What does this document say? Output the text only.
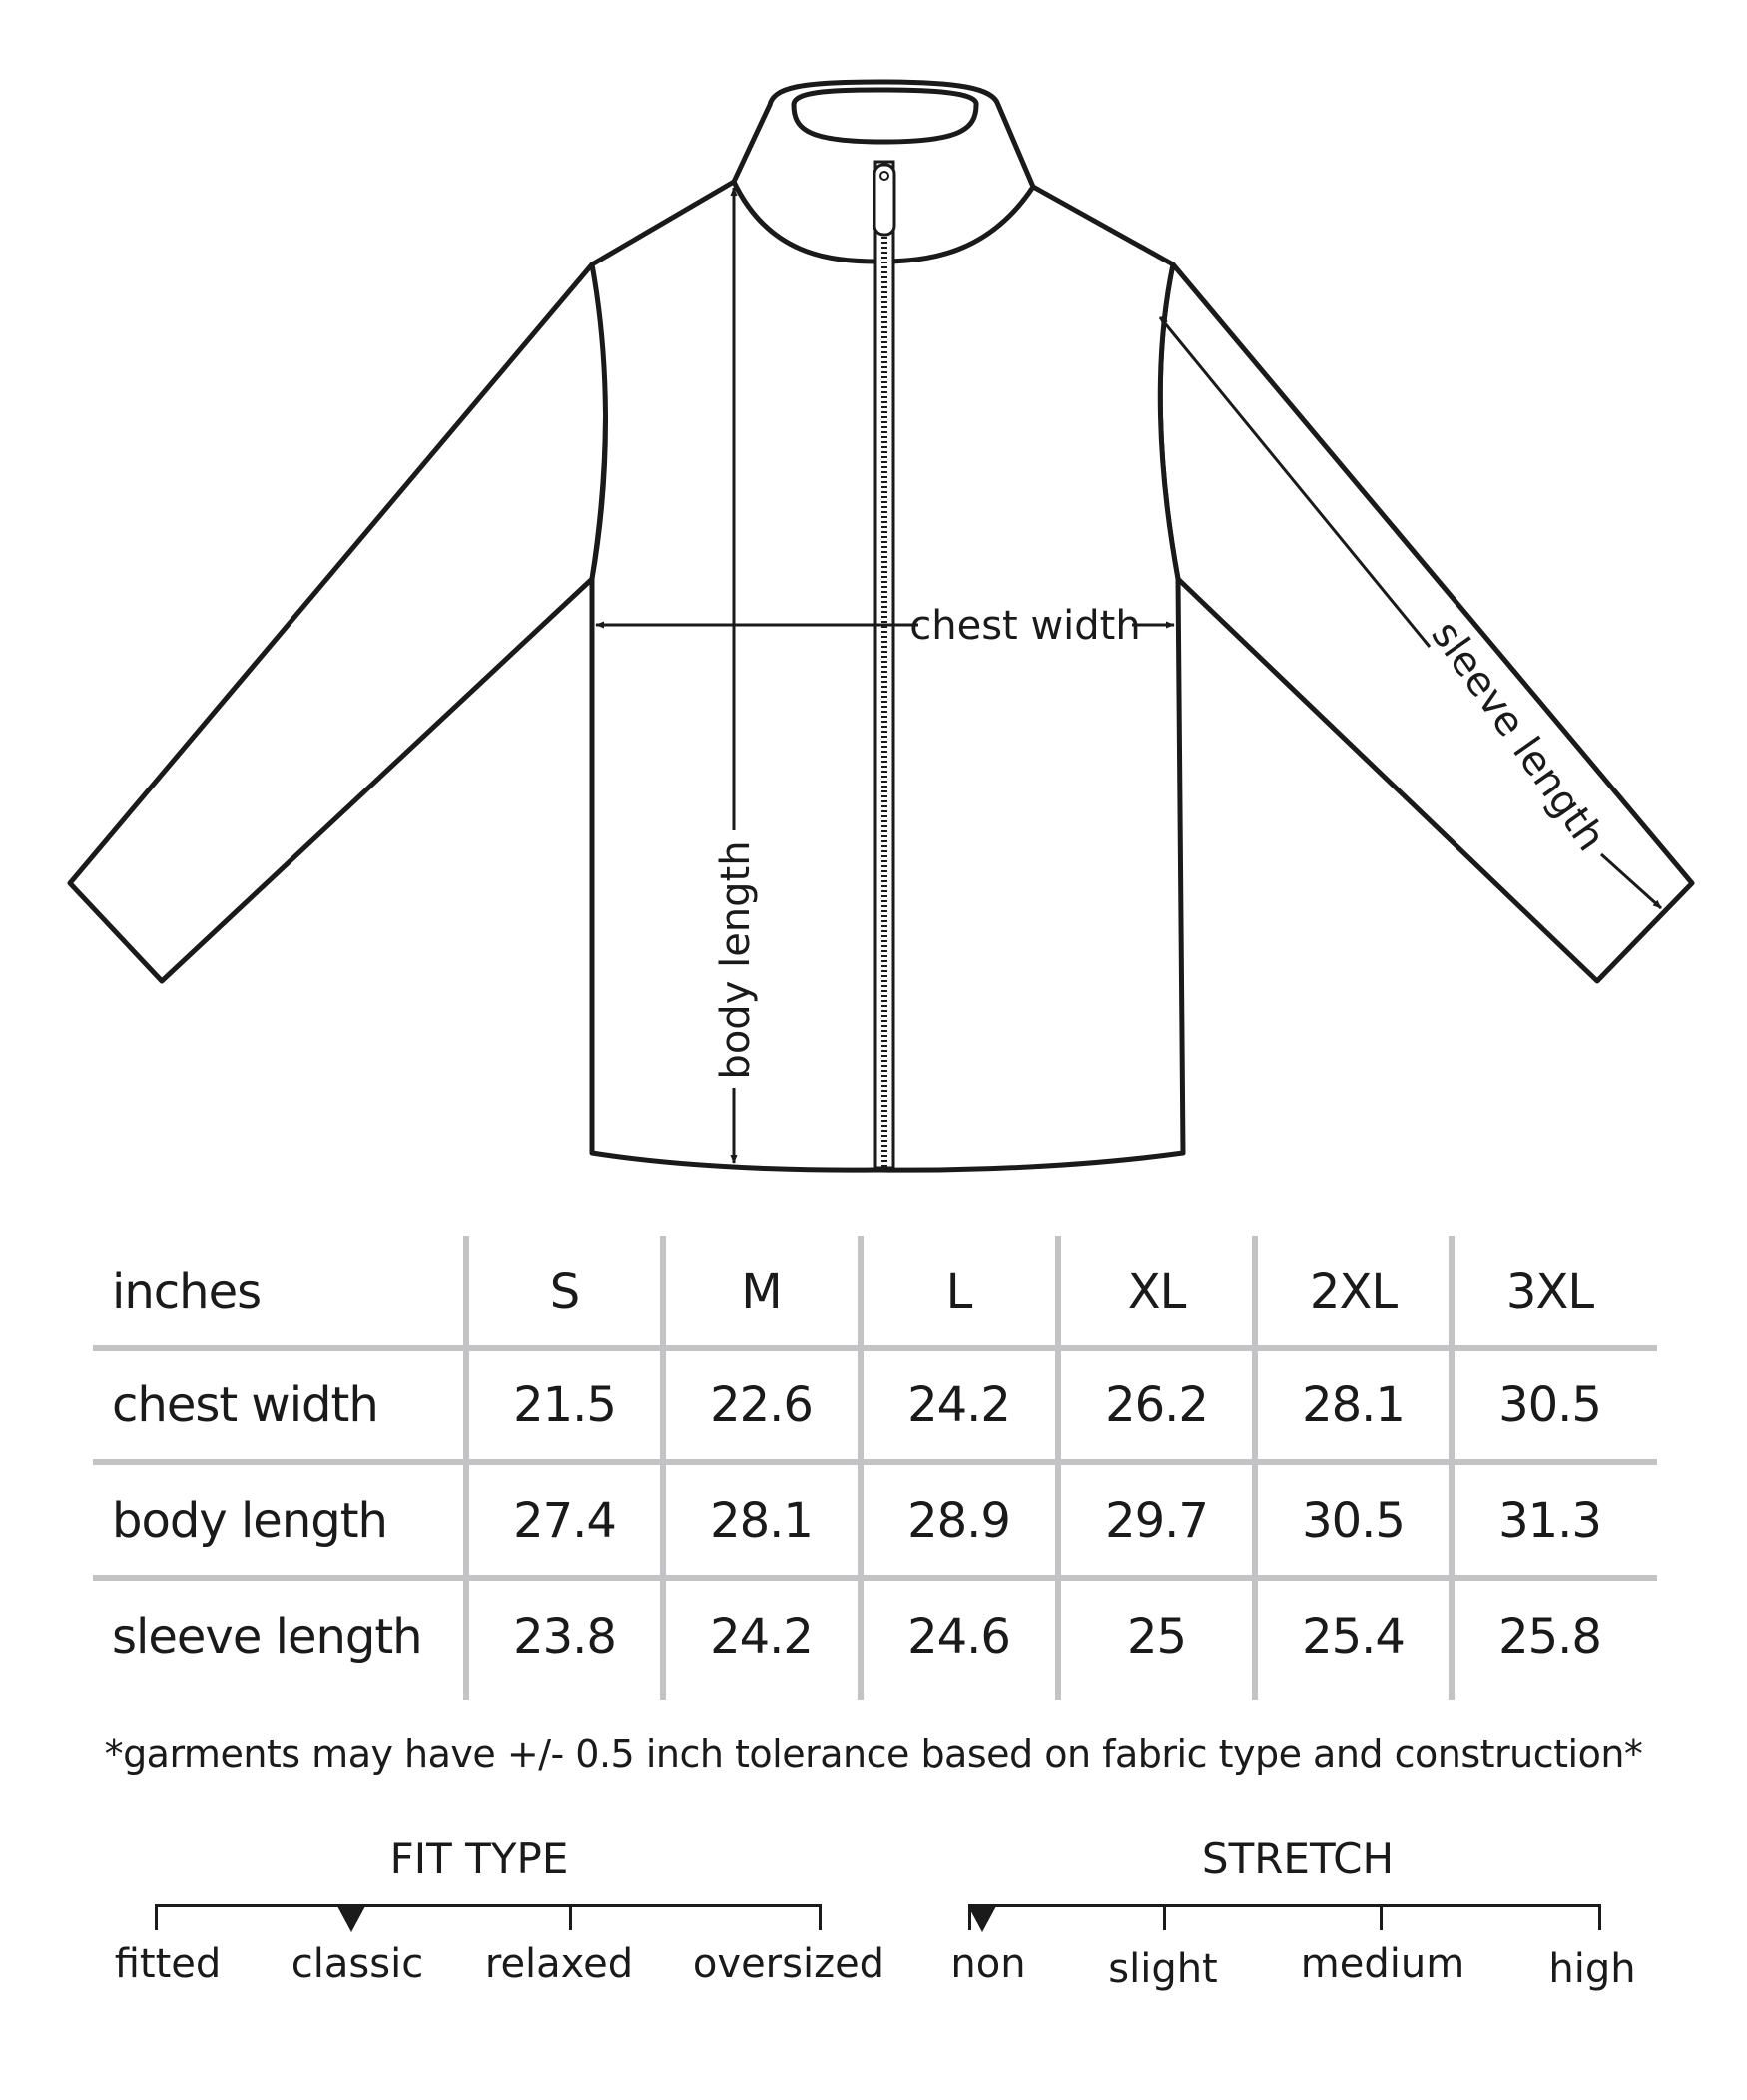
chest width
body length
sleeve length
inches	S	M	L	XL	2XL	3XL
chest width	21.5	22.6	24.2	26.2	28.1	30.5
body length	27.4	28.1	28.9	29.7	30.5	31.3
sleeve length	23.8	24.2	24.6	25	25.4	25.8
*garments may have +/- 0.5 inch tolerance based on fabric type and construction*
FIT TYPE
fitted	classic	relaxed oversized
STRETCH
non	slight	medium	high
